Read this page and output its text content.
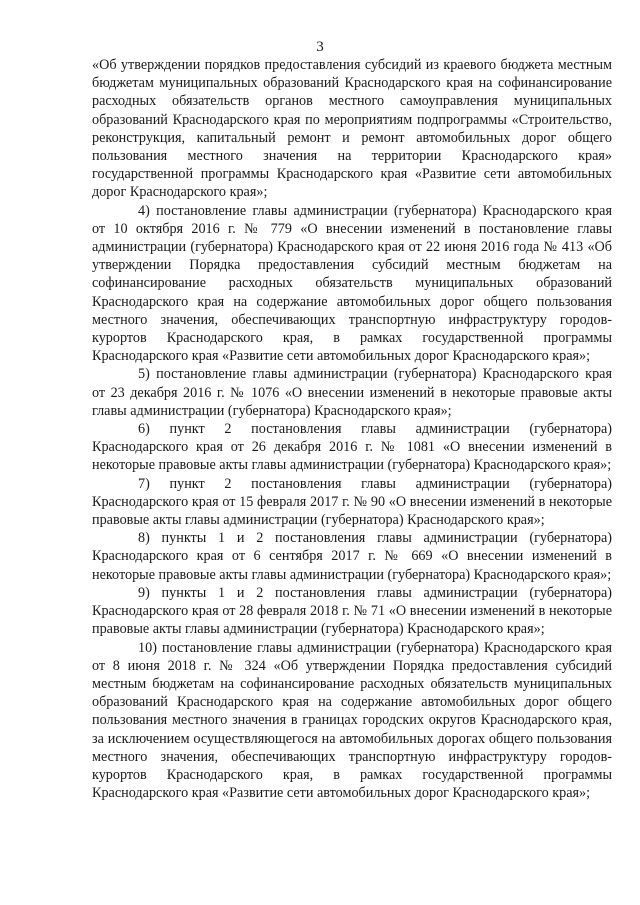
3

«Об утверждении порядков предоставления субсидий из краевого бюджета местным бюджетам муниципальных образований Краснодарского края на софинансирование расходных обязательств органов местного самоуправления муниципальных образований Краснодарского края по мероприятиям подпрограммы «Строительство, реконструкция, капитальный ремонт и ремонт автомобильных дорог общего пользования местного значения на территории Краснодарского края» государственной программы Краснодарского края «Развитие сети автомобильных дорог Краснодарского края»;

4) постановление главы администрации (губернатора) Краснодарского края от 10 октября 2016 г. № 779 «О внесении изменений в постановление главы администрации (губернатора) Краснодарского края от 22 июня 2016 года № 413 «Об утверждении Порядка предоставления субсидий местным бюджетам на софинансирование расходных обязательств муниципальных образований Краснодарского края на содержание автомобильных дорог общего пользования местного значения, обеспечивающих транспортную инфраструктуру городов-курортов Краснодарского края, в рамках государственной программы Краснодарского края «Развитие сети автомобильных дорог Краснодарского края»;

5) постановление главы администрации (губернатора) Краснодарского края от 23 декабря 2016 г. № 1076 «О внесении изменений в некоторые правовые акты главы администрации (губернатора) Краснодарского края»;

6) пункт 2 постановления главы администрации (губернатора) Краснодарского края от 26 декабря 2016 г. № 1081 «О внесении изменений в некоторые правовые акты главы администрации (губернатора) Краснодарского края»;

7) пункт 2 постановления главы администрации (губернатора) Краснодарского края от 15 февраля 2017 г. № 90 «О внесении изменений в некоторые правовые акты главы администрации (губернатора) Краснодарского края»;

8) пункты 1 и 2 постановления главы администрации (губернатора) Краснодарского края от 6 сентября 2017 г. № 669 «О внесении изменений в некоторые правовые акты главы администрации (губернатора) Краснодарского края»;

9) пункты 1 и 2 постановления главы администрации (губернатора) Краснодарского края от 28 февраля 2018 г. № 71 «О внесении изменений в некоторые правовые акты главы администрации (губернатора) Краснодарского края»;

10) постановление главы администрации (губернатора) Краснодарского края от 8 июня 2018 г. № 324 «Об утверждении Порядка предоставления субсидий местным бюджетам на софинансирование расходных обязательств муниципальных образований Краснодарского края на содержание автомобильных дорог общего пользования местного значения в границах городских округов Краснодарского края, за исключением осуществляющегося на автомобильных дорогах общего пользования местного значения, обеспечивающих транспортную инфраструктуру городов-курортов Краснодарского края, в рамках государственной программы Краснодарского края «Развитие сети автомобильных дорог Краснодарского края»;
